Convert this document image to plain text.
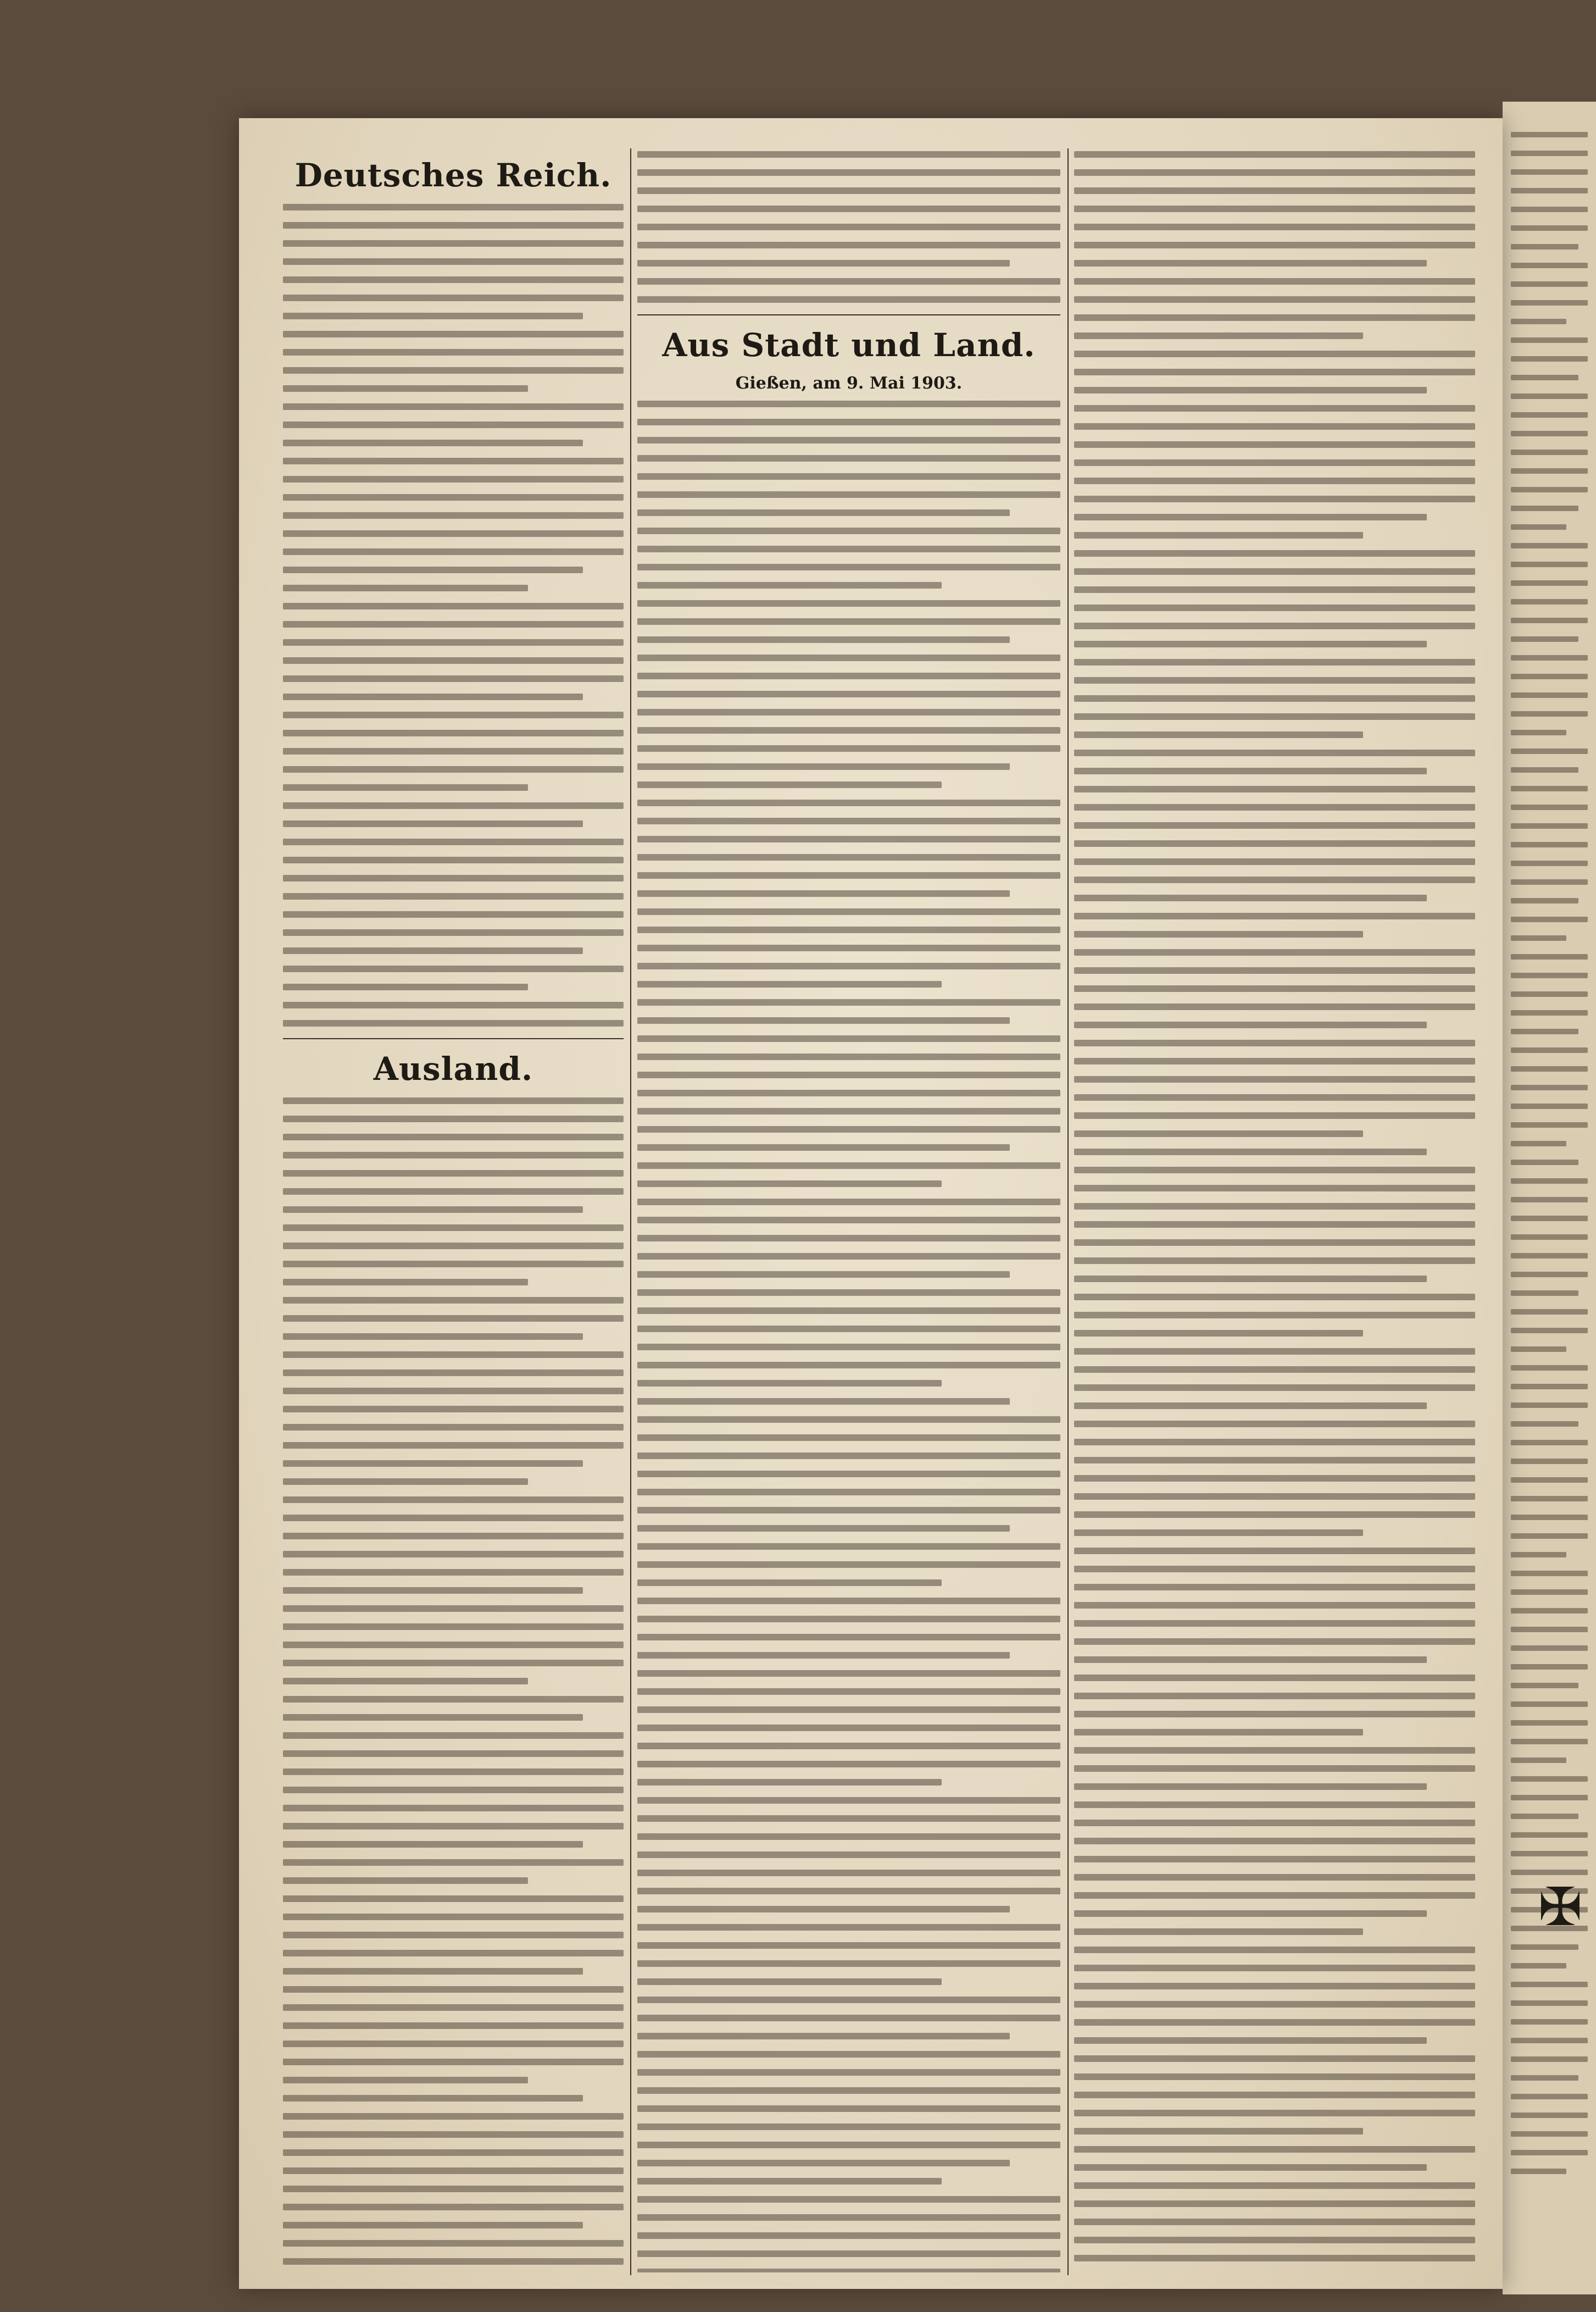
Deutsches Reich.
Ausland.
Aus Stadt und Land.
Gießen, am 9. Mai 1903.
✠
